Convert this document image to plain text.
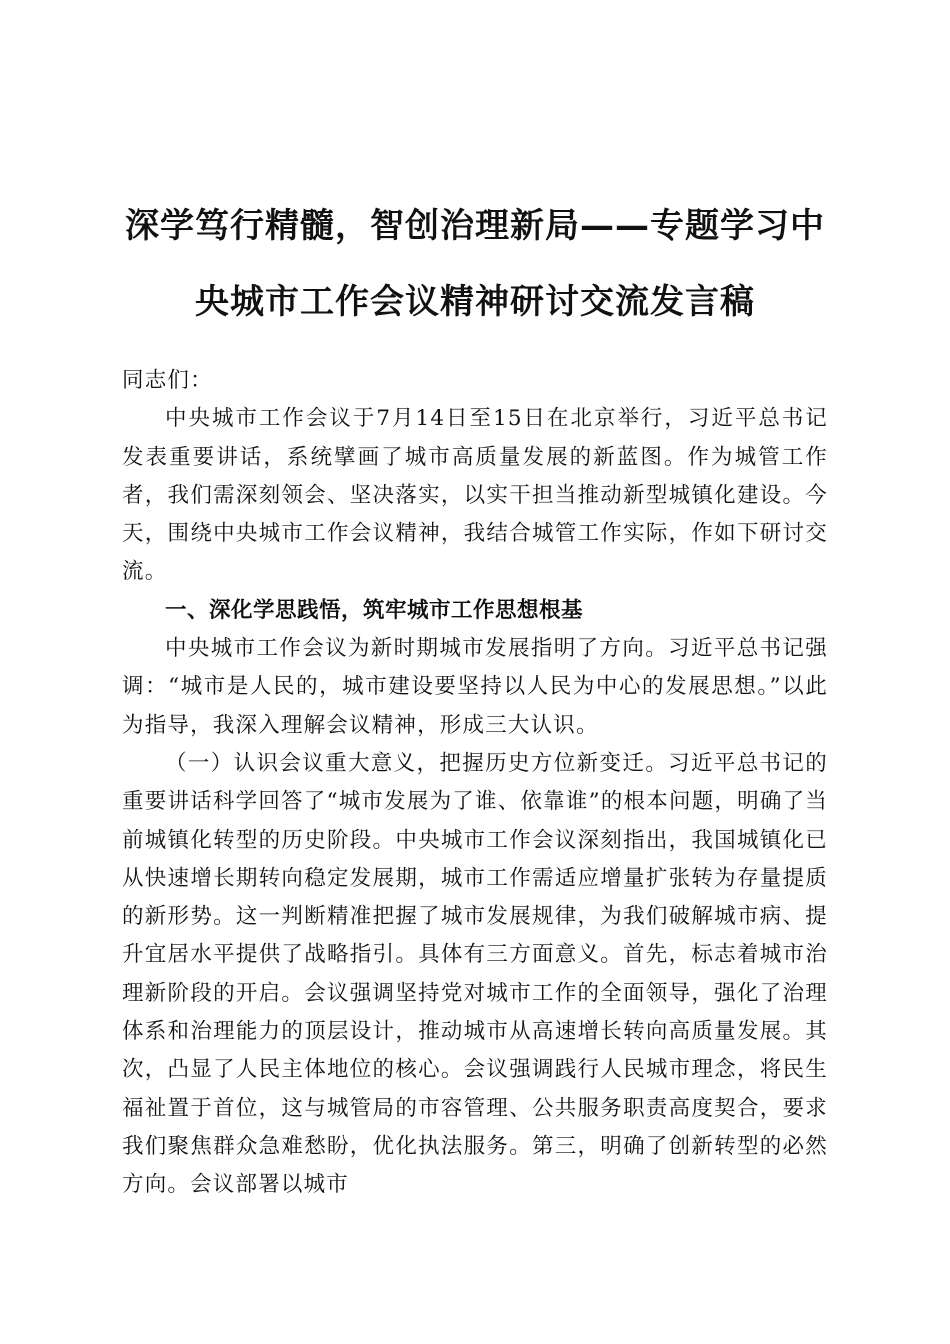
深学笃行精髓，智创治理新局——专题学习中
央城市工作会议精神研讨交流发言稿

同志们：

中央城市工作会议于7月14日至15日在北京举行，习近平总书记发表重要讲话，系统擘画了城市高质量发展的新蓝图。作为城管工作者，我们需深刻领会、坚决落实，以实干担当推动新型城镇化建设。今天，围绕中央城市工作会议精神，我结合城管工作实际，作如下研讨交流。

一、深化学思践悟，筑牢城市工作思想根基

中央城市工作会议为新时期城市发展指明了方向。习近平总书记强调：“城市是人民的，城市建设要坚持以人民为中心的发展思想。”以此为指导，我深入理解会议精神，形成三大认识。

（一）认识会议重大意义，把握历史方位新变迁。习近平总书记的重要讲话科学回答了“城市发展为了谁、依靠谁”的根本问题，明确了当前城镇化转型的历史阶段。中央城市工作会议深刻指出，我国城镇化已从快速增长期转向稳定发展期，城市工作需适应增量扩张转为存量提质的新形势。这一判断精准把握了城市发展规律，为我们破解城市病、提升宜居水平提供了战略指引。具体有三方面意义。首先，标志着城市治理新阶段的开启。会议强调坚持党对城市工作的全面领导，强化了治理体系和治理能力的顶层设计，推动城市从高速增长转向高质量发展。其次，凸显了人民主体地位的核心。会议强调践行人民城市理念，将民生福祉置于首位，这与城管局的市容管理、公共服务职责高度契合，要求我们聚焦群众急难愁盼，优化执法服务。第三，明确了创新转型的必然方向。会议部署以城市
